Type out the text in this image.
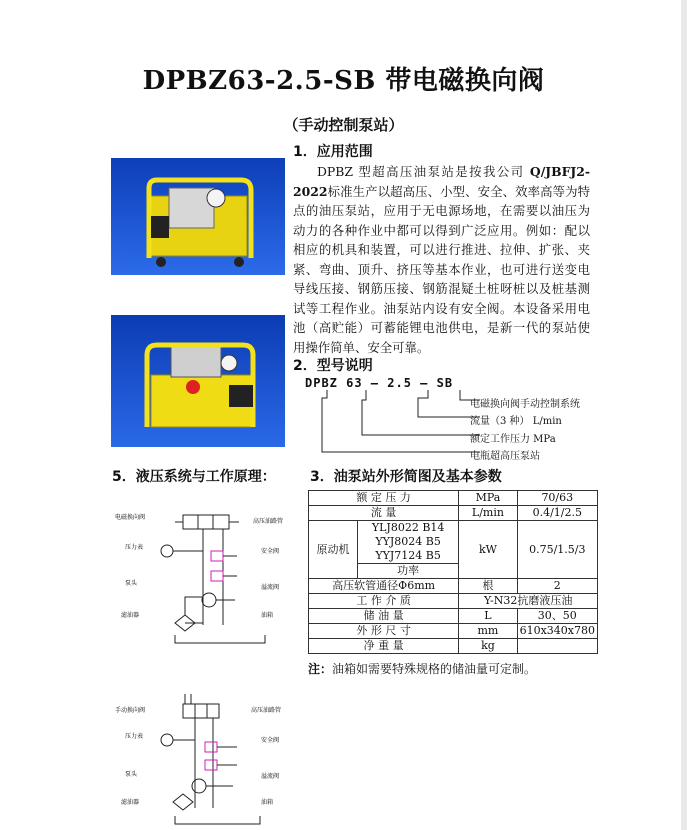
DPBZ63-2.5-SB 带电磁换向阀
（手动控制泵站）
1．应用范围

DPBZ 型超高压油泵站是按我公司 Q/JBFJ2-2022标准生产以超高压、小型、安全、效率高等为特点的油压泵站，应用于无电源场地，在需要以油压为动力的各种作业中都可以得到广泛应用。例如：配以相应的机具和装置，可以进行推进、拉伸、扩张、夹紧、弯曲、顶升、挤压等基本作业，也可进行送变电导线压接、钢筋压接、钢筋混疑土桩呀桩以及桩基测试等工程作业。油泵站内设有安全阀。本设备采用电池（高贮能）可蓄能锂电池供电，是新一代的泵站使用操作简单、安全可靠。

2．型号说明
DPBZ 63 — 2.5 — SB
电磁换向阀手动控制系统
流量（3 种） L/min
额定工作压力 MPa
电瓶超高压泵站
5．液压系统与工作原理： 3．油泵站外形简图及基本参数
额 定 压 力	MPa	70/63
流 量	L/min	0.4/1/2.5

原动机	YLJ8022 B14
YYJ8024 B5
YYJ7124 B5
功率
	kW	0.75/1.5/3
高压软管通径Φ6mm	根	2
工 作 介 质	Y-N32抗磨液压油
储 油 量	L	30、50
外 形 尺 寸	mm	610x340x780
净 重 量	kg	
注：油箱如需要特殊规格的储油量可定制。
电磁换向阀
高压油路管
压力表
安全阀
泵头
溢流阀
滤油器	油箱
手动换向阀	高压油路管
压力表
安全阀
泵头	溢流阀
滤油器	油箱
